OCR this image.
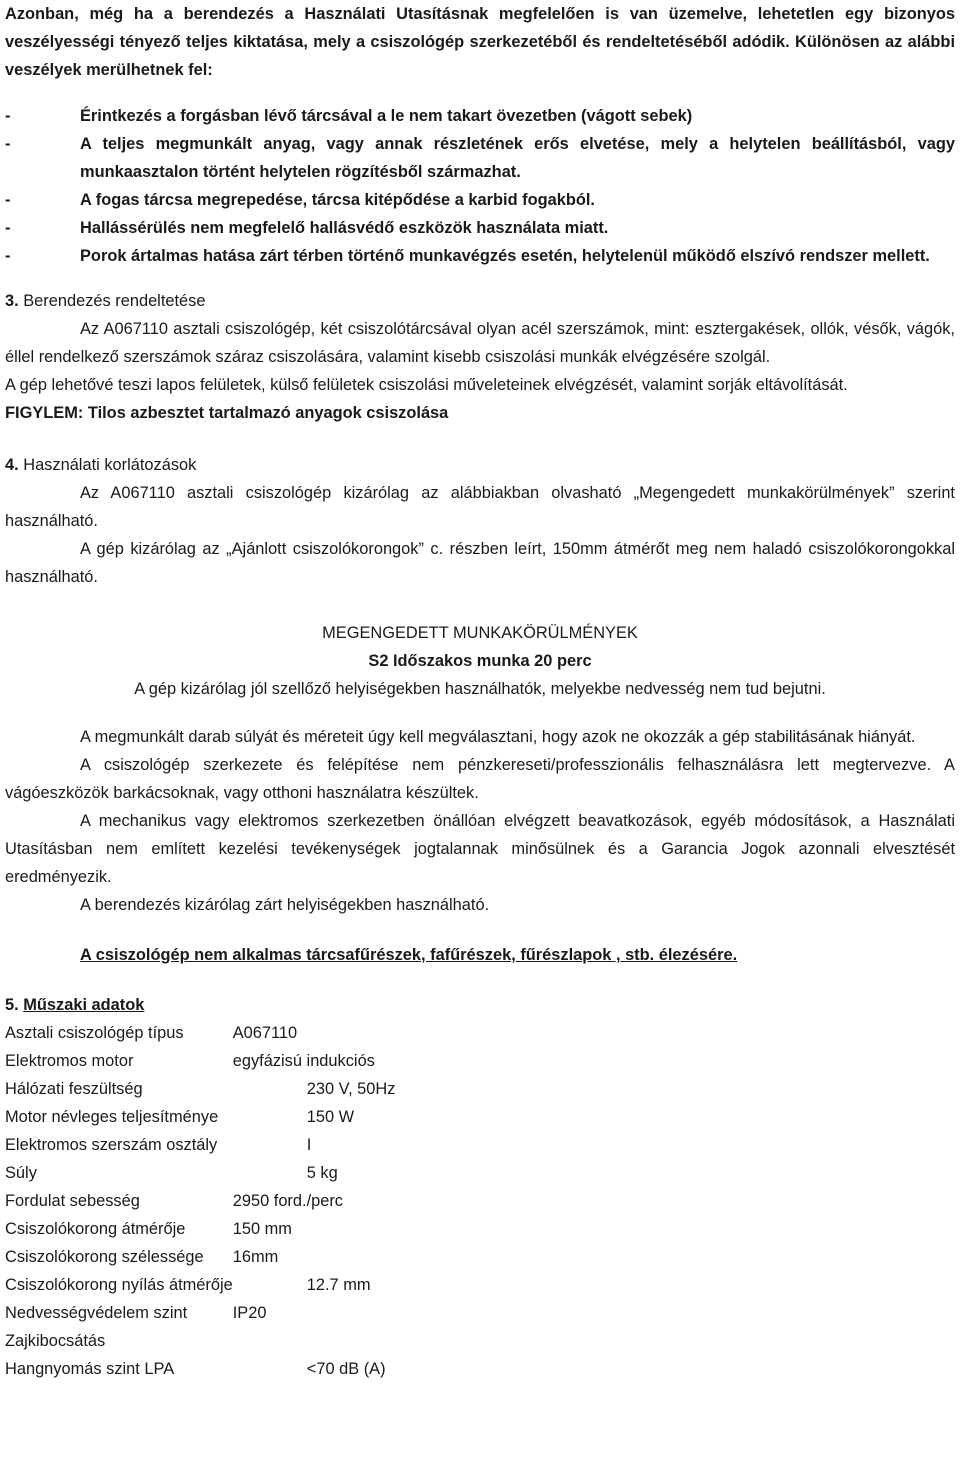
Azonban, még ha a berendezés a Használati Utasításnak megfelelően is van üzemelve, lehetetlen egy bizonyos veszélyességi tényező teljes kiktatása, mely a csiszológép szerkezetéből és rendeltetéséből adódik. Különösen az alábbi veszélyek merülhetnek fel:

-	Érintkezés a forgásban lévő tárcsával a le nem takart övezetben (vágott sebek)
-	A teljes megmunkált anyag, vagy annak részletének erős elvetése, mely a helytelen beállításból, vagy munkaasztalon történt helytelen rögzítésből származhat.
-	A fogas tárcsa megrepedése, tárcsa kitépődése a karbid fogakból.
-	Hallássérülés nem megfelelő hallásvédő eszközök használata miatt.
-	Porok ártalmas hatása zárt térben történő munkavégzés esetén, helytelenül működő elszívó rendszer mellett.

3. Berendezés rendeltetése

Az A067110 asztali csiszológép, két csiszolótárcsával olyan acél szerszámok, mint: esztergakések, ollók, vésők, vágók, éllel rendelkező szerszámok száraz csiszolására, valamint kisebb csiszolási munkák elvégzésére szolgál.

A gép lehetővé teszi lapos felületek, külső felületek csiszolási műveleteinek elvégzését, valamint sorják eltávolítását.

FIGYLEM: Tilos azbesztet tartalmazó anyagok csiszolása

4. Használati korlátozások

Az A067110 asztali csiszológép kizárólag az alábbiakban olvasható „Megengedett munkakörülmények” szerint használható.

A gép kizárólag az „Ajánlott csiszolókorongok” c. részben leírt, 150mm átmérőt meg nem haladó csiszolókorongokkal használható.

MEGENGEDETT MUNKAKÖRÜLMÉNYEK

S2 Időszakos munka 20 perc

A gép kizárólag jól szellőző helyiségekben használhatók, melyekbe nedvesség nem tud bejutni.

A megmunkált darab súlyát és méreteit úgy kell megválasztani, hogy azok ne okozzák a gép stabilitásának hiányát.

A csiszológép szerkezete és felépítése nem pénzkereseti/professzionális felhasználásra lett megtervezve. A vágóeszközök barkácsoknak, vagy otthoni használatra készültek.

A mechanikus vagy elektromos szerkezetben önállóan elvégzett beavatkozások, egyéb módosítások, a Használati Utasításban nem említett kezelési tevékenységek jogtalannak minősülnek és a Garancia Jogok azonnali elvesztését eredményezik.

A berendezés kizárólag zárt helyiségekben használható.

A csiszológép nem alkalmas tárcsafűrészek, fafűrészek, fűrészlapok , stb. élezésére.

5. Műszaki adatok

Asztali csiszológép típus	A067110
Elektromos motor	egyfázisú indukciós
Hálózati feszültség	230 V, 50Hz
Motor névleges teljesítménye	150 W
Elektromos szerszám osztály	I
Súly	5 kg
Fordulat sebesség	2950 ford./perc
Csiszolókorong átmérője	150 mm
Csiszolókorong szélessége	16mm
Csiszolókorong nyílás átmérője	12.7 mm
Nedvességvédelem szint	IP20
Zajkibocsátás	
Hangnyomás szint LPA	<70 dB (A)
